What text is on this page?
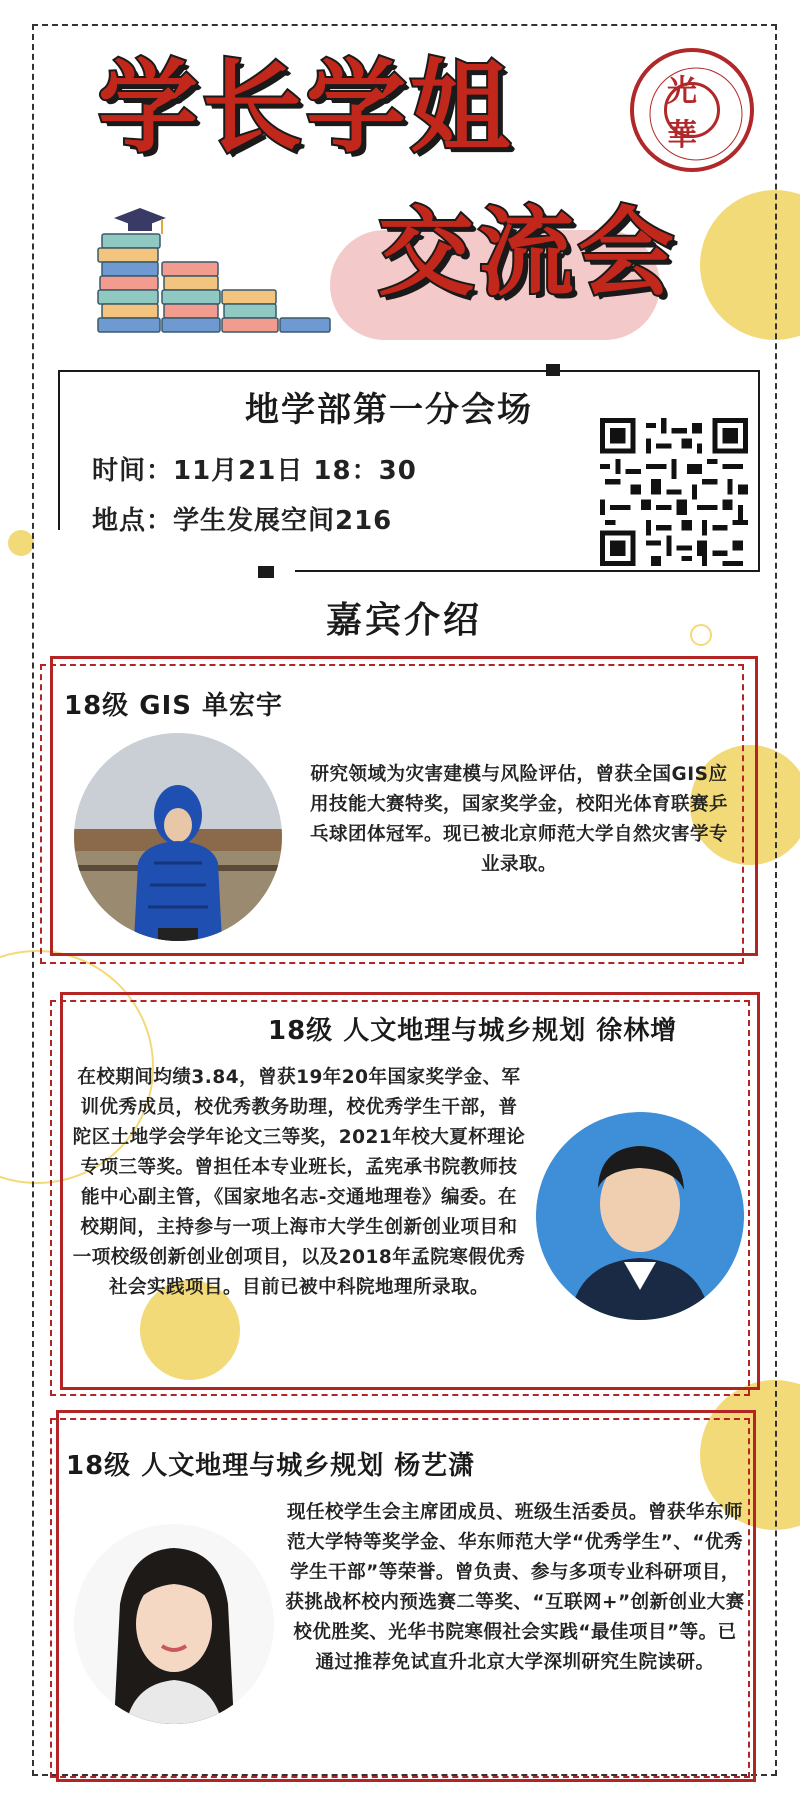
学长学姐
交流会
光華
地学部第一分会场
时间：11月21日 18：30
地点：学生发展空间216
嘉宾介绍
18级 GIS 单宏宇
研究领域为灾害建模与风险评估，曾获全国GIS应用技能大赛特奖，国家奖学金，校阳光体育联赛乒乓球团体冠军。现已被北京师范大学自然灾害学专业录取。
18级 人文地理与城乡规划 徐林增
在校期间均绩3.84，曾获19年20年国家奖学金、军训优秀成员，校优秀教务助理，校优秀学生干部，普陀区土地学会学年论文三等奖，2021年校大夏杯理论专项三等奖。曾担任本专业班长，孟宪承书院教师技能中心副主管，《国家地名志-交通地理卷》编委。在校期间，主持参与一项上海市大学生创新创业项目和一项校级创新创业创项目，以及2018年孟院寒假优秀社会实践项目。目前已被中科院地理所录取。
18级 人文地理与城乡规划 杨艺潇
现任校学生会主席团成员、班级生活委员。曾获华东师范大学特等奖学金、华东师范大学“优秀学生”、“优秀学生干部”等荣誉。曾负责、参与多项专业科研项目，获挑战杯校内预选赛二等奖、“互联网+”创新创业大赛校优胜奖、光华书院寒假社会实践“最佳项目”等。已通过推荐免试直升北京大学深圳研究生院读研。
